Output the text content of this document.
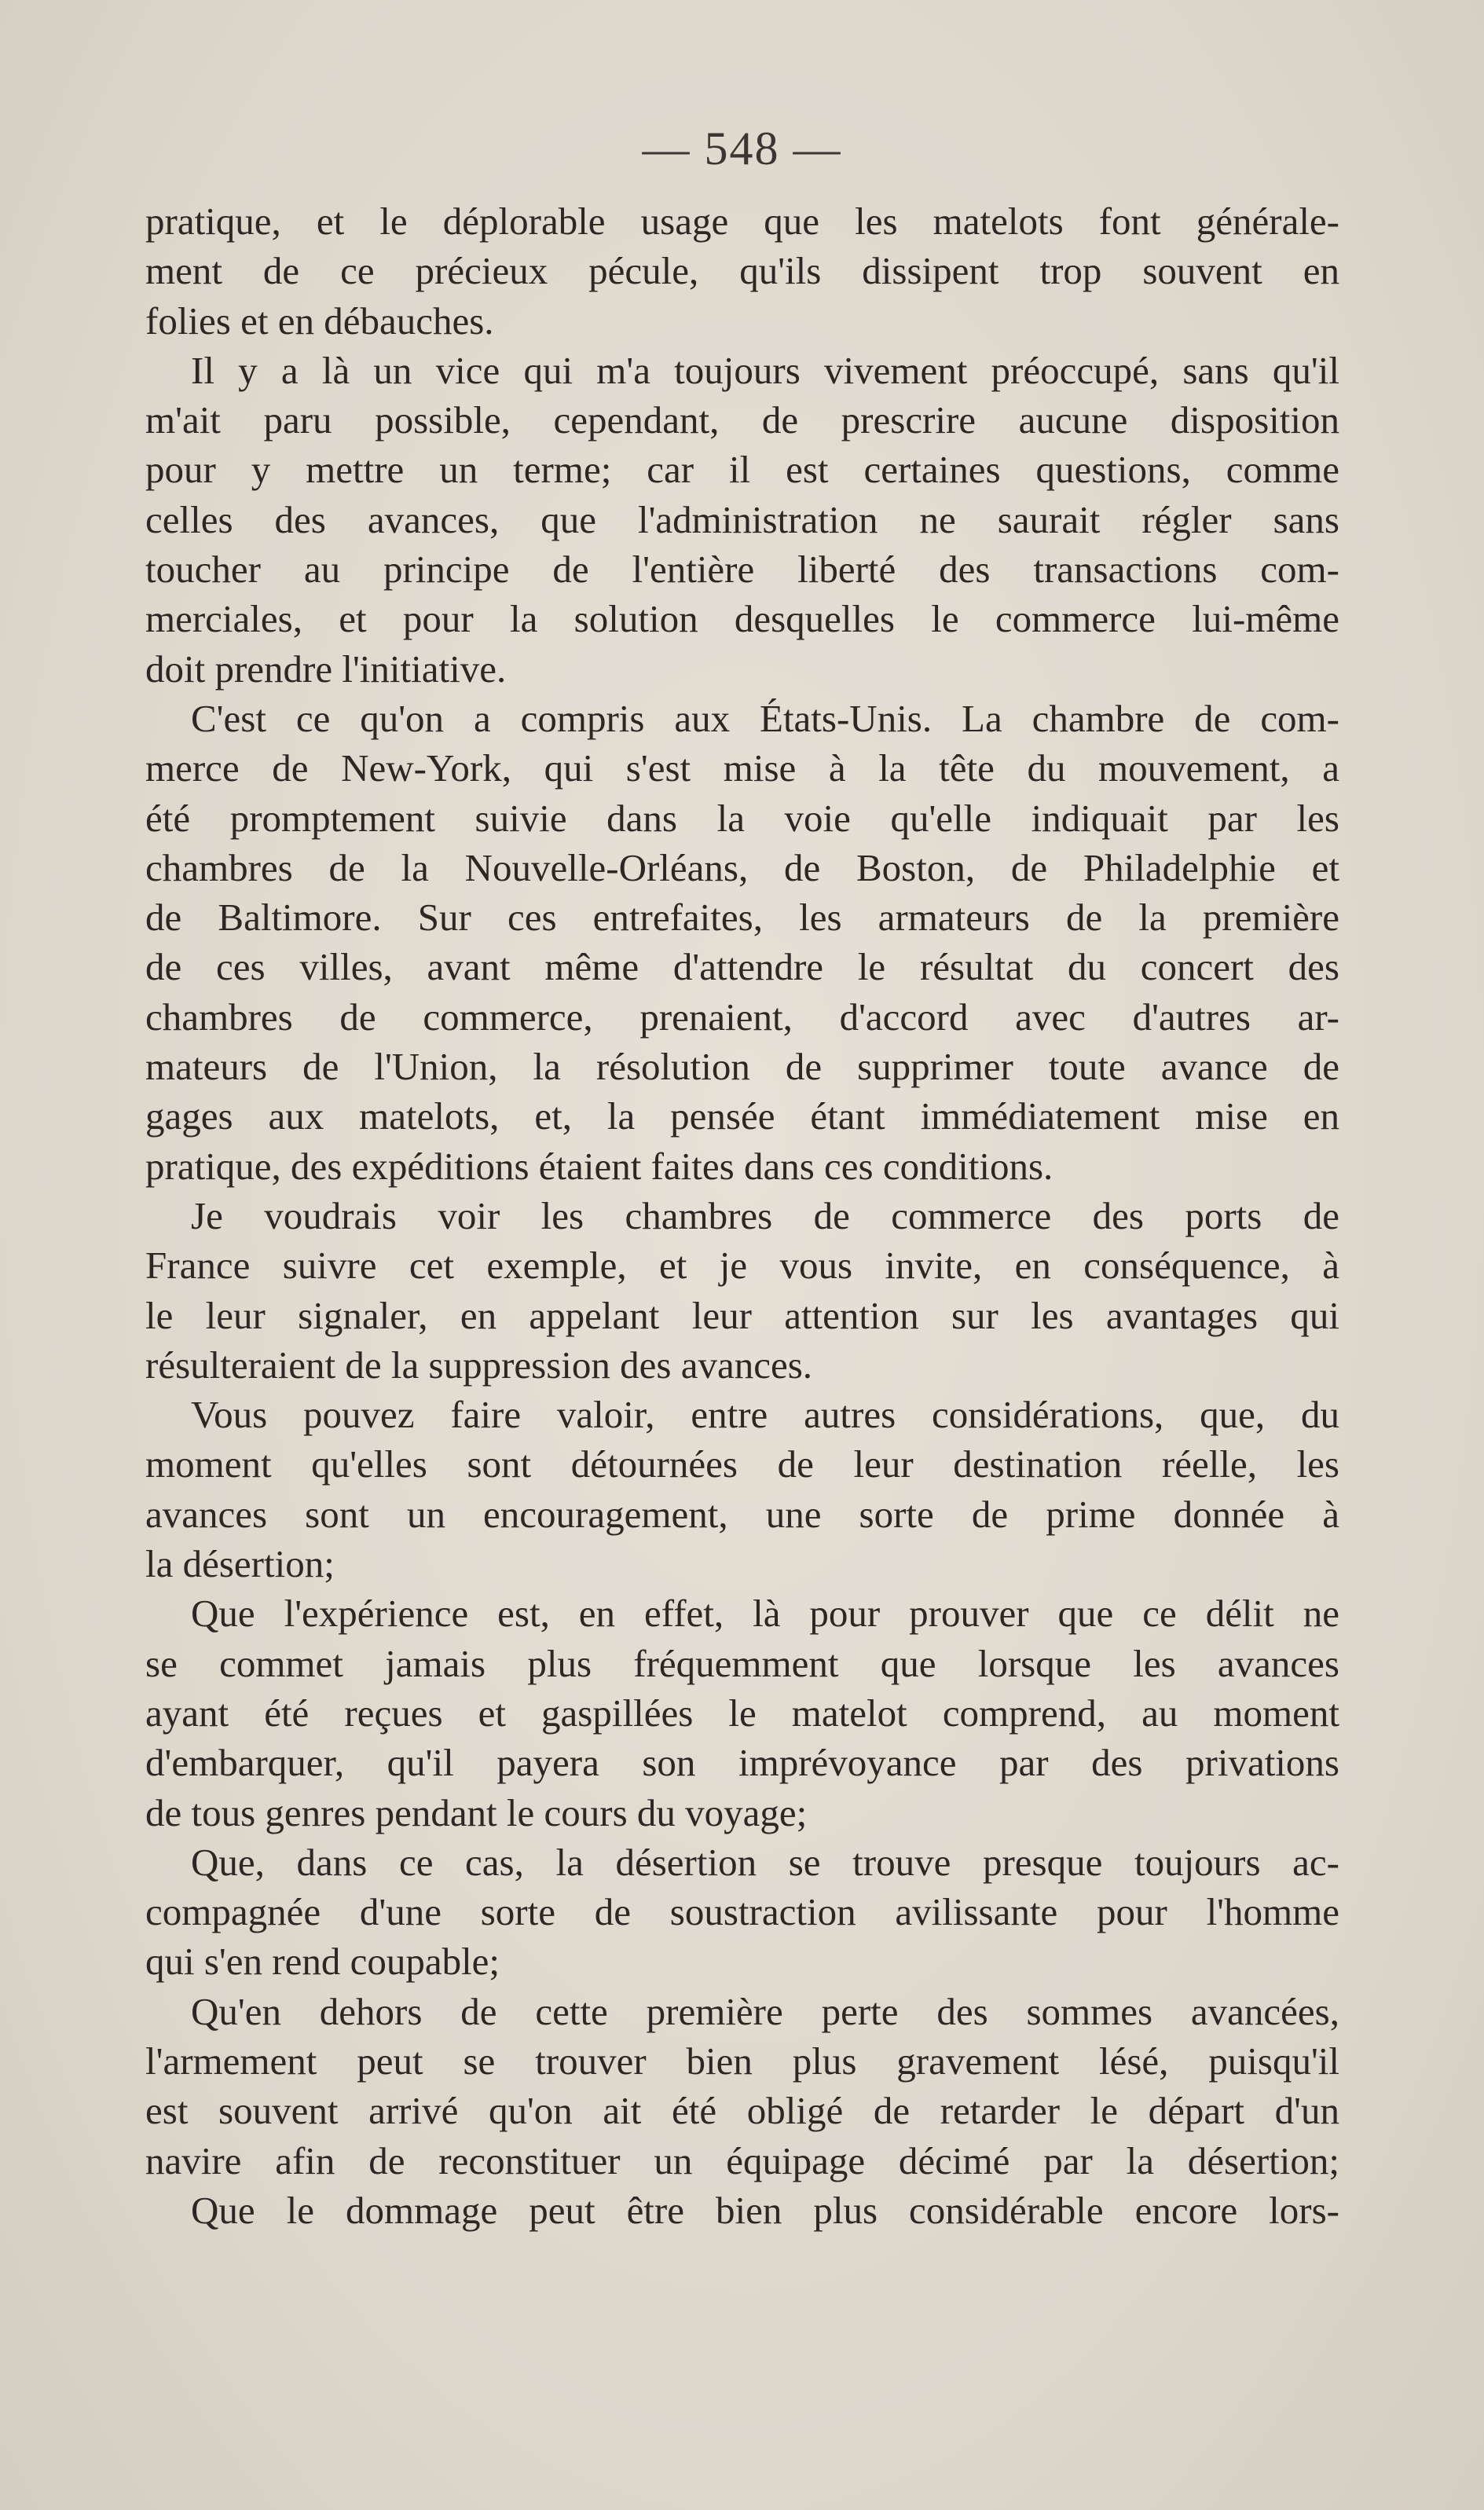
— 548 —
pratique, et le déplorable usage que les matelots font générale-
ment de ce précieux pécule, qu'ils dissipent trop souvent en
folies et en débauches.
Il y a là un vice qui m'a toujours vivement préoccupé, sans qu'il
m'ait paru possible, cependant, de prescrire aucune disposition
pour y mettre un terme; car il est certaines questions, comme
celles des avances, que l'administration ne saurait régler sans
toucher au principe de l'entière liberté des transactions com-
merciales, et pour la solution desquelles le commerce lui-même
doit prendre l'initiative.
C'est ce qu'on a compris aux États-Unis. La chambre de com-
merce de New-York, qui s'est mise à la tête du mouvement, a
été promptement suivie dans la voie qu'elle indiquait par les
chambres de la Nouvelle-Orléans, de Boston, de Philadelphie et
de Baltimore. Sur ces entrefaites, les armateurs de la première
de ces villes, avant même d'attendre le résultat du concert des
chambres de commerce, prenaient, d'accord avec d'autres ar-
mateurs de l'Union, la résolution de supprimer toute avance de
gages aux matelots, et, la pensée étant immédiatement mise en
pratique, des expéditions étaient faites dans ces conditions.
Je voudrais voir les chambres de commerce des ports de
France suivre cet exemple, et je vous invite, en conséquence, à
le leur signaler, en appelant leur attention sur les avantages qui
résulteraient de la suppression des avances.
Vous pouvez faire valoir, entre autres considérations, que, du
moment qu'elles sont détournées de leur destination réelle, les
avances sont un encouragement, une sorte de prime donnée à
la désertion;
Que l'expérience est, en effet, là pour prouver que ce délit ne
se commet jamais plus fréquemment que lorsque les avances
ayant été reçues et gaspillées le matelot comprend, au moment
d'embarquer, qu'il payera son imprévoyance par des privations
de tous genres pendant le cours du voyage;
Que, dans ce cas, la désertion se trouve presque toujours ac-
compagnée d'une sorte de soustraction avilissante pour l'homme
qui s'en rend coupable;
Qu'en dehors de cette première perte des sommes avancées,
l'armement peut se trouver bien plus gravement lésé, puisqu'il
est souvent arrivé qu'on ait été obligé de retarder le départ d'un
navire afin de reconstituer un équipage décimé par la désertion;
Que le dommage peut être bien plus considérable encore lors-
